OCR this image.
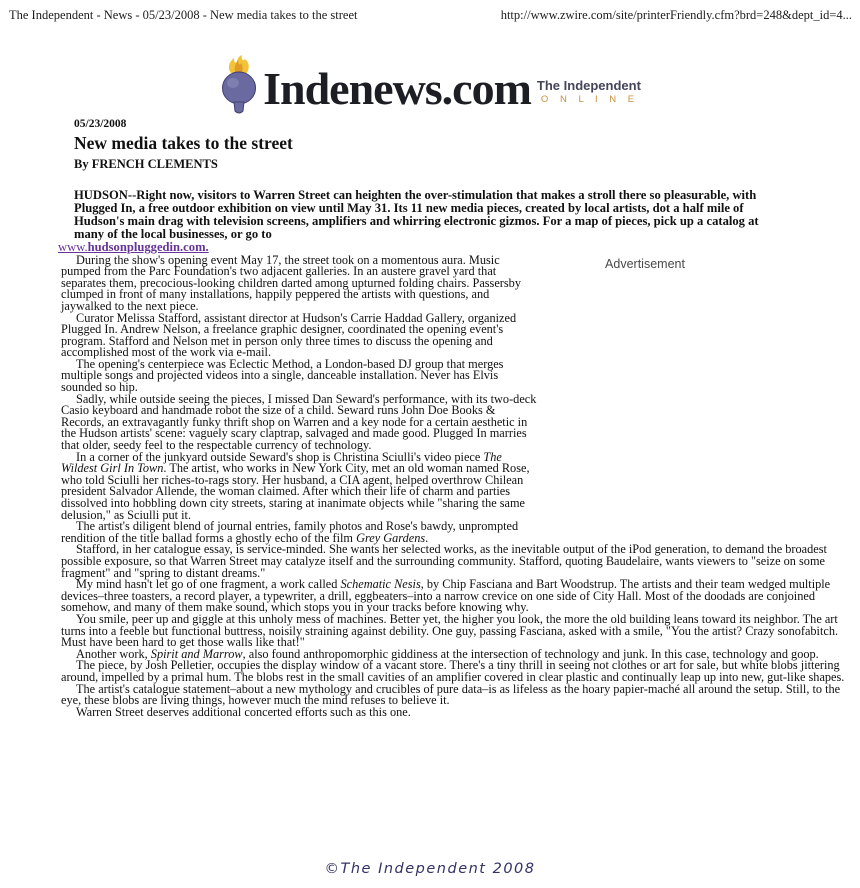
The Independent - News - 05/23/2008 - New media takes to the street	http://www.zwire.com/site/printerFriendly.cfm?brd=248&dept_id=4...
Indenews.com The Independent
O N L I N E
05/23/2008
New media takes to the street
By FRENCH CLEMENTS

HUDSON--Right now, visitors to Warren Street can heighten the over-stimulation that makes a stroll there so pleasurable, with Plugged In, a free outdoor exhibition on view until May 31. Its 11 new media pieces, created by local artists, dot a half mile of Hudson's main drag with television screens, amplifiers and whirring electronic gizmos. For a map of pieces, pick up a catalog at many of the local businesses, or go to
www.hudsonpluggedin.com.

Advertisement

During the show's opening event May 17, the street took on a momentous aura. Music pumped from the Parc Foundation's two adjacent galleries. In an austere gravel yard that separates them, precocious-looking children darted among upturned folding chairs. Passersby clumped in front of many installations, happily peppered the artists with questions, and jaywalked to the next piece.

Curator Melissa Stafford, assistant director at Hudson's Carrie Haddad Gallery, organized Plugged In. Andrew Nelson, a freelance graphic designer, coordinated the opening event's program. Stafford and Nelson met in person only three times to discuss the opening and accomplished most of the work via e-mail.

The opening's centerpiece was Eclectic Method, a London-based DJ group that merges multiple songs and projected videos into a single, danceable installation. Never has Elvis sounded so hip.

Sadly, while outside seeing the pieces, I missed Dan Seward's performance, with its two-deck Casio keyboard and handmade robot the size of a child. Seward runs John Doe Books & Records, an extravagantly funky thrift shop on Warren and a key node for a certain aesthetic in the Hudson artists' scene: vaguely scary claptrap, salvaged and made good. Plugged In marries that older, seedy feel to the respectable currency of technology.

In a corner of the junkyard outside Seward's shop is Christina Sciulli's video piece The Wildest Girl In Town. The artist, who works in New York City, met an old woman named Rose, who told Sciulli her riches-to-rags story. Her husband, a CIA agent, helped overthrow Chilean president Salvador Allende, the woman claimed. After which their life of charm and parties dissolved into hobbling down city streets, staring at inanimate objects while "sharing the same delusion," as Sciulli put it.

The artist's diligent blend of journal entries, family photos and Rose's bawdy, unprompted rendition of the title ballad forms a ghostly echo of the film Grey Gardens.

Stafford, in her catalogue essay, is service-minded. She wants her selected works, as the inevitable output of the iPod generation, to demand the broadest possible exposure, so that Warren Street may catalyze itself and the surrounding community. Stafford, quoting Baudelaire, wants viewers to "seize on some fragment" and "spring to distant dreams."

My mind hasn't let go of one fragment, a work called Schematic Nesis, by Chip Fasciana and Bart Woodstrup. The artists and their team wedged multiple devices–three toasters, a record player, a typewriter, a drill, eggbeaters–into a narrow crevice on one side of City Hall. Most of the doodads are conjoined somehow, and many of them make sound, which stops you in your tracks before knowing why.

You smile, peer up and giggle at this unholy mess of machines. Better yet, the higher you look, the more the old building leans toward its neighbor. The art turns into a feeble but functional buttress, noisily straining against debility. One guy, passing Fasciana, asked with a smile, "You the artist? Crazy sonofabitch. Must have been hard to get those walls like that!"

Another work, Spirit and Marrow, also found anthropomorphic giddiness at the intersection of technology and junk. In this case, technology and goop.

The piece, by Josh Pelletier, occupies the display window of a vacant store. There's a tiny thrill in seeing not clothes or art for sale, but white blobs jittering around, impelled by a primal hum. The blobs rest in the small cavities of an amplifier covered in clear plastic and continually leap up into new, gut-like shapes.

The artist's catalogue statement–about a new mythology and crucibles of pure data–is as lifeless as the hoary papier-maché all around the setup. Still, to the eye, these blobs are living things, however much the mind refuses to believe it.

Warren Street deserves additional concerted efforts such as this one.

©The Independent 2008
